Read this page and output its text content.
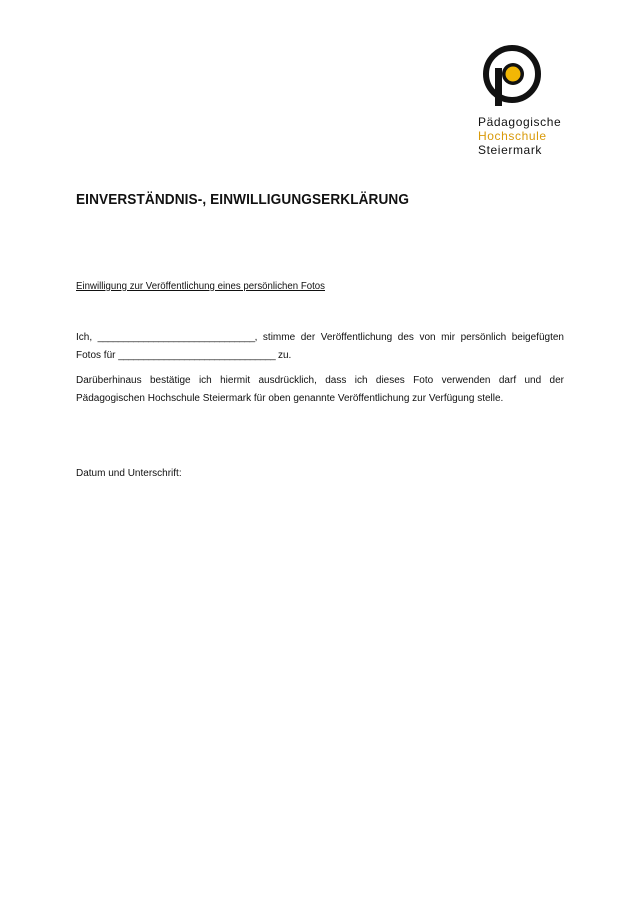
Pädagogische
Hochschule
Steiermark
EINVERSTÄNDNIS-, EINWILLIGUNGSERKLÄRUNG
Einwilligung zur Veröffentlichung eines persönlichen Fotos
Ich, _______________________________, stimme der Veröffentlichung des von mir persönlich beigefügten Fotos für _______________________________ zu.
Darüberhinaus bestätige ich hiermit ausdrücklich, dass ich dieses Foto verwenden darf und der Pädagogischen Hochschule Steiermark für oben genannte Veröffentlichung zur Verfügung stelle.
Datum und Unterschrift:
